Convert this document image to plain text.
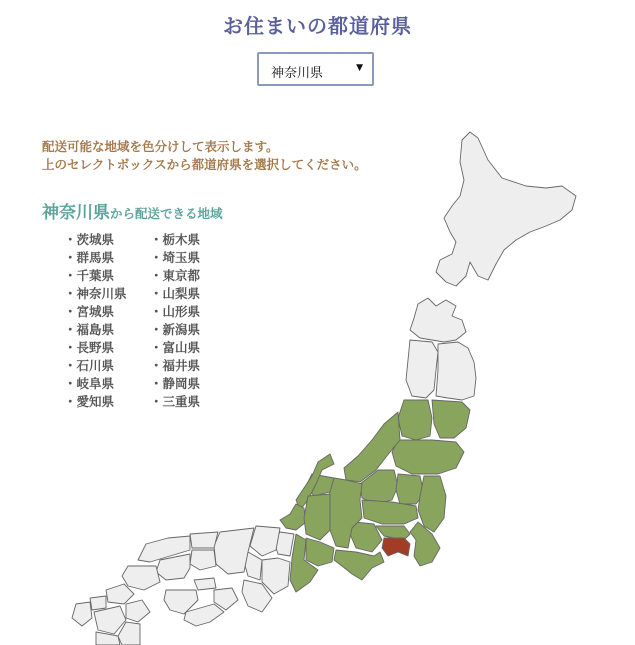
お住まいの都道府県
神奈川県	▼
配送可能な地域を色分けして表示します。
上のセレクトボックスから都道府県を選択してください。
神奈川県から配送できる地域
・ 茨城県	・ 栃木県
・ 群馬県	・ 埼玉県
・ 千葉県	・ 東京都
・ 神奈川県	・ 山梨県
・ 宮城県	・ 山形県
・ 福島県	・ 新潟県
・ 長野県	・ 富山県
・ 石川県	・ 福井県
・ 岐阜県	・ 静岡県
・ 愛知県	・ 三重県
